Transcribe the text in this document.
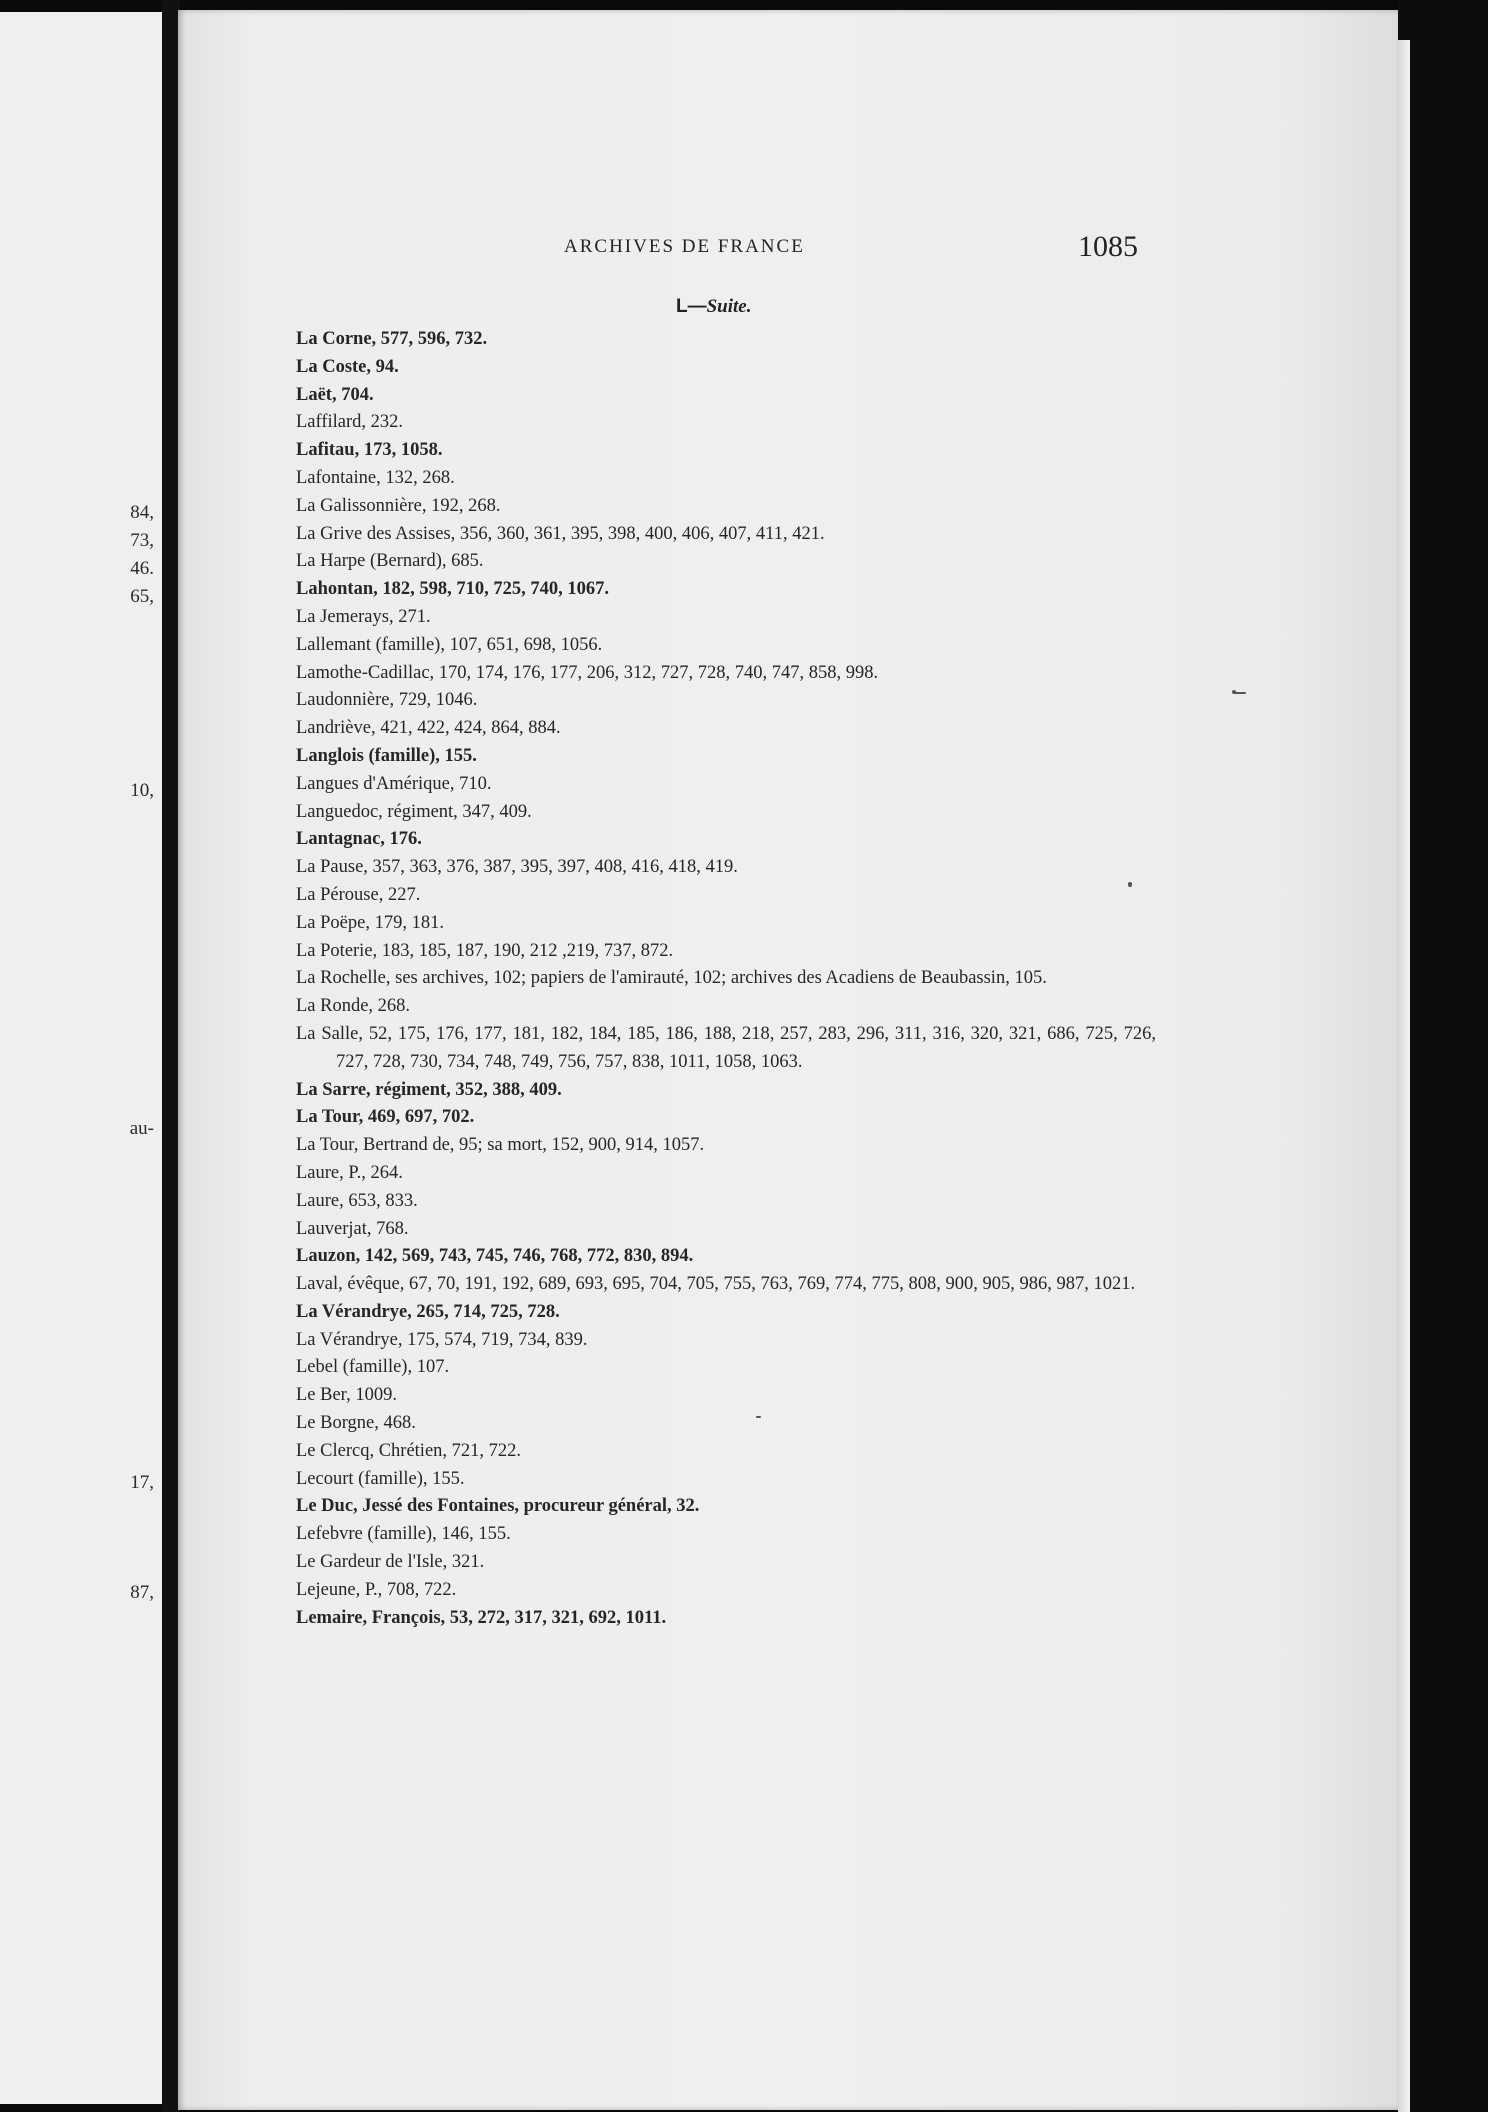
84,
73,
46.
65,
10,
au-
17,
87,
ARCHIVES DE FRANCE	1085
L—Suite.
La Corne, 577, 596, 732.
La Coste, 94.
Laët, 704.
Laffilard, 232.
Lafitau, 173, 1058.
Lafontaine, 132, 268.
La Galissonnière, 192, 268.
La Grive des Assises, 356, 360, 361, 395, 398, 400, 406, 407, 411, 421.
La Harpe (Bernard), 685.
Lahontan, 182, 598, 710, 725, 740, 1067.
La Jemerays, 271.
Lallemant (famille), 107, 651, 698, 1056.
Lamothe-Cadillac, 170, 174, 176, 177, 206, 312, 727, 728, 740, 747, 858, 998.
Laudonnière, 729, 1046.
Landriève, 421, 422, 424, 864, 884.
Langlois (famille), 155.
Langues d'Amérique, 710.
Languedoc, régiment, 347, 409.
Lantagnac, 176.
La Pause, 357, 363, 376, 387, 395, 397, 408, 416, 418, 419.
La Pérouse, 227.
La Poëpe, 179, 181.
La Poterie, 183, 185, 187, 190, 212 ,219, 737, 872.
La Rochelle, ses archives, 102; papiers de l'amirauté, 102; archives des Acadiens de Beaubassin, 105.
La Ronde, 268.
La Salle, 52, 175, 176, 177, 181, 182, 184, 185, 186, 188, 218, 257, 283, 296, 311, 316, 320, 321, 686, 725, 726, 727, 728, 730, 734, 748, 749, 756, 757, 838, 1011, 1058, 1063.
La Sarre, régiment, 352, 388, 409.
La Tour, 469, 697, 702.
La Tour, Bertrand de, 95; sa mort, 152, 900, 914, 1057.
Laure, P., 264.
Laure, 653, 833.
Lauverjat, 768.
Lauzon, 142, 569, 743, 745, 746, 768, 772, 830, 894.
Laval, évêque, 67, 70, 191, 192, 689, 693, 695, 704, 705, 755, 763, 769, 774, 775, 808, 900, 905, 986, 987, 1021.
La Vérandrye, 265, 714, 725, 728.
La Vérandrye, 175, 574, 719, 734, 839.
Lebel (famille), 107.
Le Ber, 1009.
Le Borgne, 468.
Le Clercq, Chrétien, 721, 722.
Lecourt (famille), 155.
Le Duc, Jessé des Fontaines, procureur général, 32.
Lefebvre (famille), 146, 155.
Le Gardeur de l'Isle, 321.
Lejeune, P., 708, 722.
Lemaire, François, 53, 272, 317, 321, 692, 1011.
